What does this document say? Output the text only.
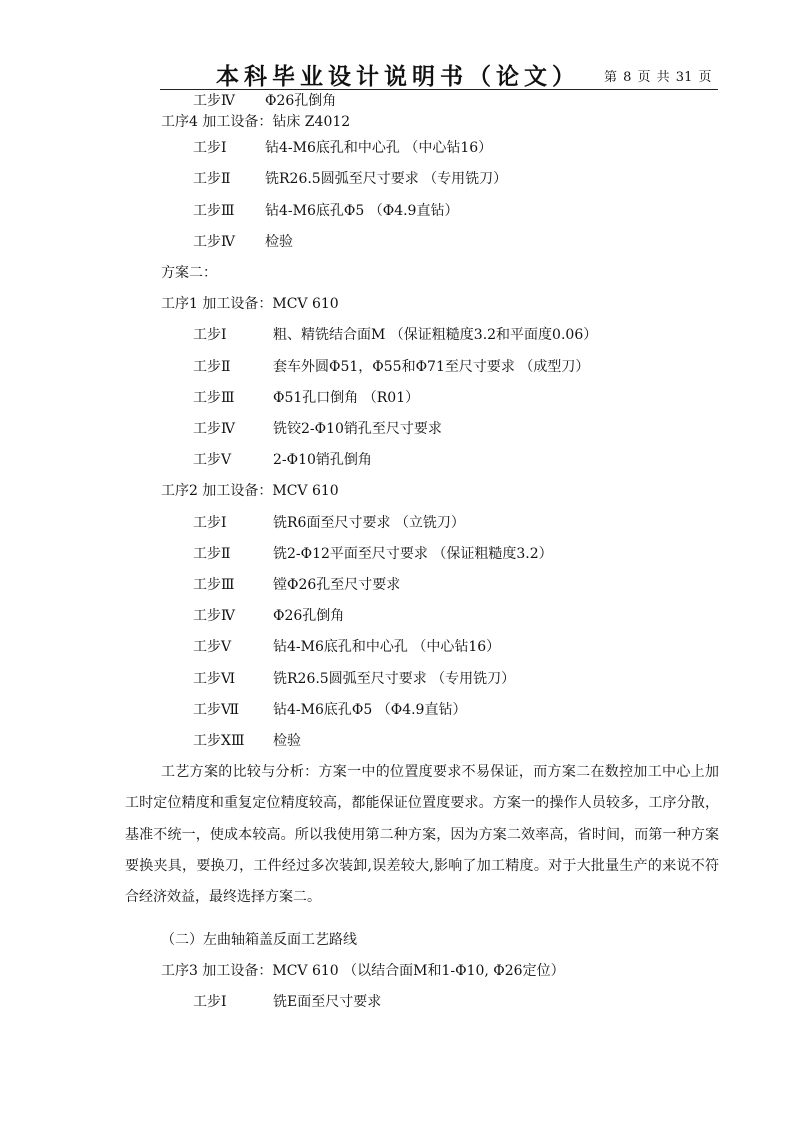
本科毕业设计说明书（论文） 第 8 页 共 31 页
工步Ⅳ Φ26孔倒角
工序4 加工设备：钻床 Z4012
工步Ⅰ	钻4-M6底孔和中心孔 （中心钻16）
工步Ⅱ 铣R26.5圆弧至尺寸要求 （专用铣刀）
工步Ⅲ 钻4-M6底孔Φ5 （Φ4.9直钻）
工步Ⅳ 检验
方案二：
工序1 加工设备：MCV 610
工步Ⅰ	粗、精铣结合面M （保证粗糙度3.2和平面度0.06）
工步Ⅱ	套车外圆Φ51，Φ55和Φ71至尺寸要求 （成型刀）
工步Ⅲ	Φ51孔口倒角 （R01）
工步Ⅳ	铣铰2-Φ10销孔至尺寸要求
工步Ⅴ	2-Φ10销孔倒角
工序2 加工设备：MCV 610
工步Ⅰ	铣R6面至尺寸要求 （立铣刀）
工步Ⅱ	铣2-Φ12平面至尺寸要求 （保证粗糙度3.2）
工步Ⅲ	镗Φ26孔至尺寸要求
工步Ⅳ	Φ26孔倒角
工步Ⅴ	钻4-M6底孔和中心孔 （中心钻16）
工步Ⅵ	铣R26.5圆弧至尺寸要求 （专用铣刀）
工步Ⅶ 钻4-M6底孔Φ5 （Φ4.9直钻）
工步ⅩⅢ 检验
工艺方案的比较与分析：方案一中的位置度要求不易保证，而方案二在数控加工中心上加工时定位精度和重复定位精度较高，都能保证位置度要求。方案一的操作人员较多，工序分散，基准不统一，使成本较高。所以我使用第二种方案，因为方案二效率高，省时间，而第一种方案要换夹具，要换刀，工件经过多次装卸,误差较大,影响了加工精度。对于大批量生产的来说不符合经济效益，最终选择方案二。
（二）左曲轴箱盖反面工艺路线
工序3 加工设备：MCV 610 （以结合面M和1-Φ10, Φ26定位）
工步Ⅰ	铣E面至尺寸要求
